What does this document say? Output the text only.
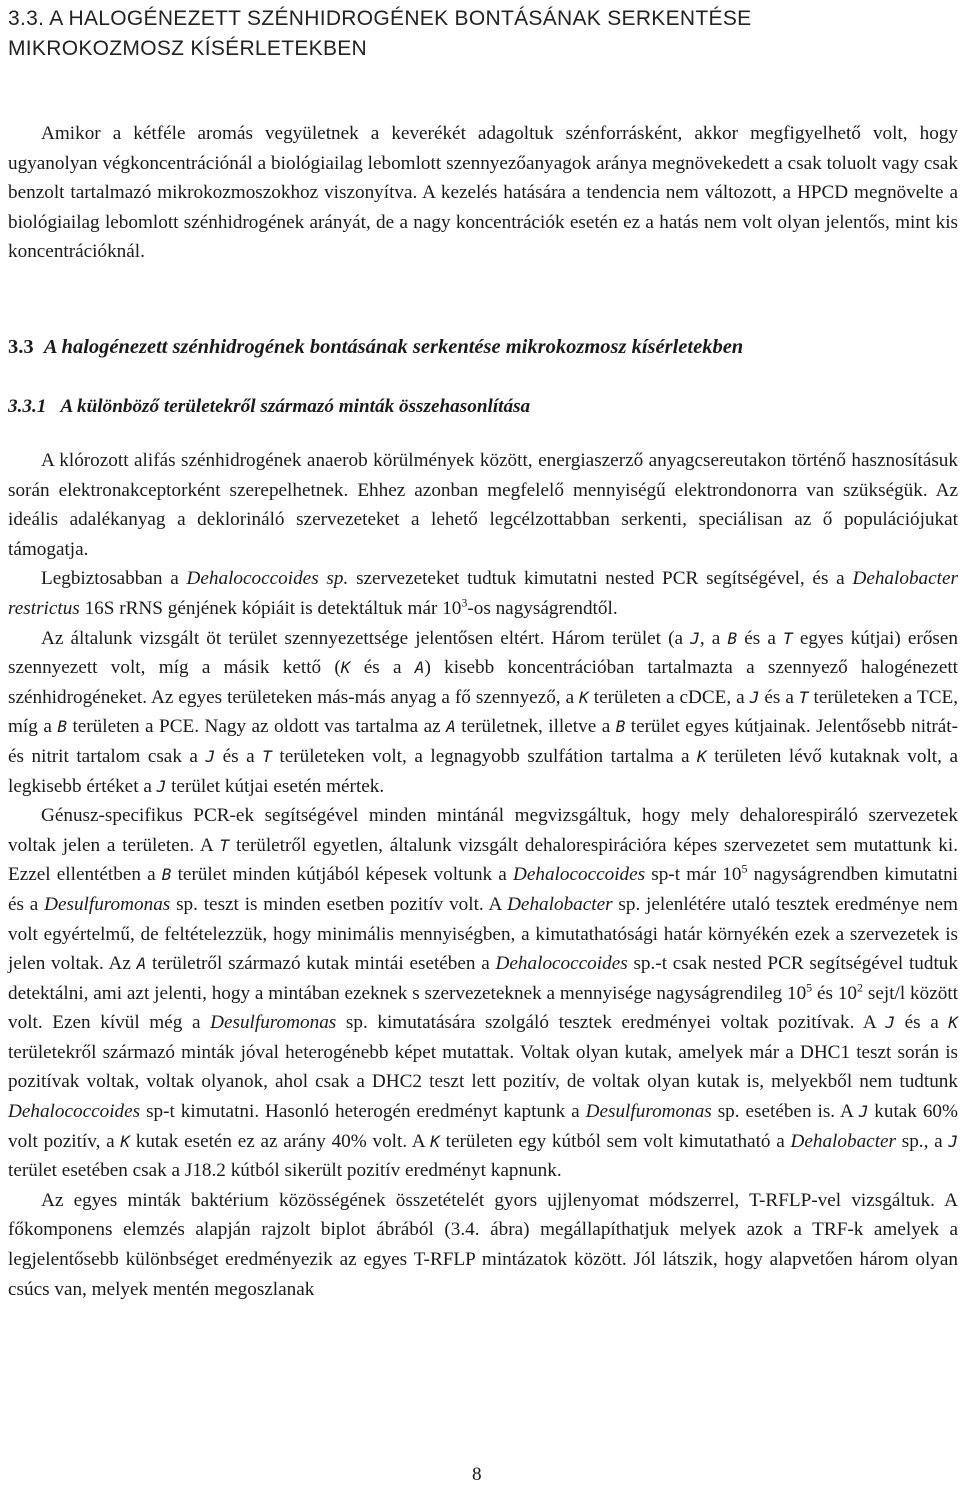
3.3. A HALOGÉNEZETT SZÉNHIDROGÉNEK BONTÁSÁNAK SERKENTÉSE
MIKROKOZMOSZ KÍSÉRLETEKBEN

Amikor a kétféle aromás vegyületnek a keverékét adagoltuk szénforrásként, akkor megfigyelhető volt, hogy ugyanolyan végkoncentrációnál a biológiailag lebomlott szennyezőanyagok aránya megnövekedett a csak toluolt vagy csak benzolt tartalmazó mikrokozmoszokhoz viszonyítva. A kezelés hatására a tendencia nem változott, a HPCD megnövelte a biológiailag lebomlott szénhidrogének arányát, de a nagy koncentrációk esetén ez a hatás nem volt olyan jelentős, mint kis koncentrációknál.

3.3 A halogénezett szénhidrogének bontásának serkentése mikrokozmosz kísérletekben
3.3.1 A különböző területekről származó minták összehasonlítása

A klórozott alifás szénhidrogének anaerob körülmények között, energiaszerző anyagcsereutakon történő hasznosításuk során elektronakceptorként szerepelhetnek. Ehhez azonban megfelelő mennyiségű elektrondonorra van szükségük. Az ideális adalékanyag a deklorináló szervezeteket a lehető legcélzottabban serkenti, speciálisan az ő populációjukat támogatja.

Legbiztosabban a Dehalococcoides sp. szervezeteket tudtuk kimutatni nested PCR segítségével, és a Dehalobacter restrictus 16S rRNS génjének kópiáit is detektáltuk már $10^3-os$ nagyságrendtől.

Az általunk vizsgált öt terület szennyezettsége jelentősen eltért. Három terület (a J, a B és a T egyes kútjai) erősen szennyezett volt, míg a másik kettő (K és a A) kisebb koncentrációban tartalmazta a szennyező halogénezett szénhidrogéneket. Az egyes területeken más-más anyag a fő szennyező, a K területen a cDCE, a J és a T területeken a TCE, míg a B területen a PCE. Nagy az oldott vas tartalma az A területnek, illetve a B terület egyes kútjainak. Jelentősebb nitrát- és nitrit tartalom csak a J és a T területeken volt, a legnagyobb szulfátion tartalma a K területen lévő kutaknak volt, a legkisebb értéket a J terület kútjai esetén mértek.

Génusz-specifikus PCR-ek segítségével minden mintánál megvizsgáltuk, hogy mely dehalorespiráló szervezetek voltak jelen a területen. A T területről egyetlen, általunk vizsgált dehalorespirációra képes szervezetet sem mutattunk ki. Ezzel ellentétben a B terület minden kútjából képesek voltunk a Dehalococcoides sp-t már $10^5$ nagyságrendben kimutatni és a Desulfuromonas sp. teszt is minden esetben pozitív volt. A Dehalobacter sp. jelenlétére utaló tesztek eredménye nem volt egyértelmű, de feltételezzük, hogy minimális mennyiségben, a kimutathatósági határ környékén ezek a szervezetek is jelen voltak. Az A területről származó kutak mintái esetében a Dehalococcoides sp.-t csak nested PCR segítségével tudtuk detektálni, ami azt jelenti, hogy a mintában ezeknek s szervezeteknek a mennyisége nagyságrendileg $10^5$ és $10^2$ sejt/l között volt. Ezen kívül még a Desulfuromonas sp. kimutatására szolgáló tesztek eredményei voltak pozitívak. A J és a K területekről származó minták jóval heterogénebb képet mutattak. Voltak olyan kutak, amelyek már a DHC1 teszt során is pozitívak voltak, voltak olyanok, ahol csak a DHC2 teszt lett pozitív, de voltak olyan kutak is, melyekből nem tudtunk Dehalococcoides sp-t kimutatni. Hasonló heterogén eredményt kaptunk a Desulfuromonas sp. esetében is. A J kutak 60% volt pozitív, a K kutak esetén ez az arány 40% volt. A K területen egy kútból sem volt kimutatható a Dehalobacter sp., a J terület esetében csak a J18.2 kútból sikerült pozitív eredményt kapnunk.

Az egyes minták baktérium közösségének összetételét gyors ujjlenyomat módszerrel, T-RFLP-vel vizsgáltuk. A főkomponens elemzés alapján rajzolt biplot ábrából (3.4. ábra) megállapíthatjuk melyek azok a TRF-k amelyek a legjelentősebb különbséget eredményezik az egyes T-RFLP mintázatok között. Jól látszik, hogy alapvetően három olyan csúcs van, melyek mentén megoszlanak

8
